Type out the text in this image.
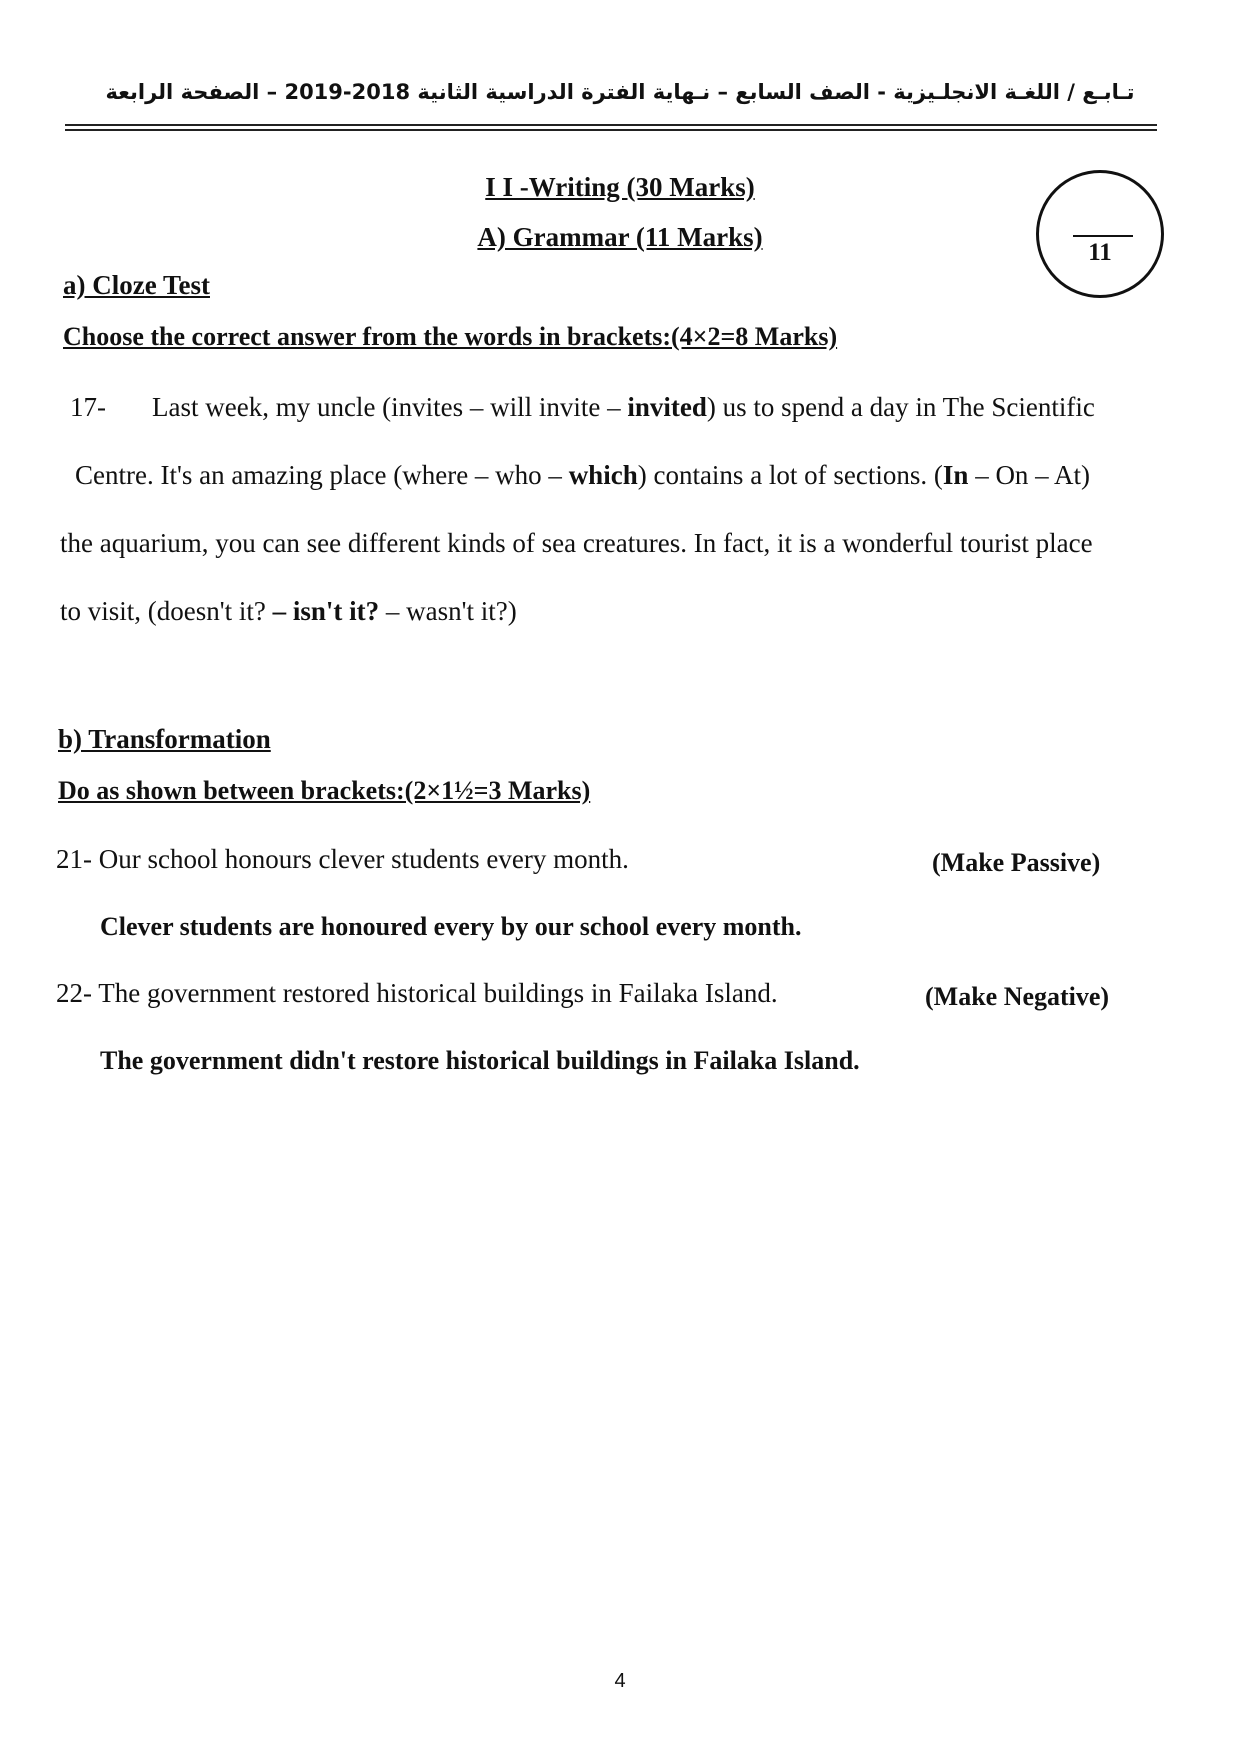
تـابـع / اللغـة الانجلـيزية - الصف السابع – نـهاية الفترة الدراسية الثانية 2018-2019 – الصفحة الرابعة
I I -Writing (30 Marks)
A) Grammar (11 Marks)
11
a) Cloze Test
Choose the correct answer from the words in brackets:(4×2=8 Marks)
17- Last week, my uncle (invites – will invite – invited) us to spend a day in The Scientific
Centre. It's an amazing place (where – who – which) contains a lot of sections. (In – On – At)
the aquarium, you can see different kinds of sea creatures. In fact, it is a wonderful tourist place
to visit, (doesn't it? – isn't it? – wasn't it?)
b) Transformation
Do as shown between brackets:(2×1½=3 Marks)
21- Our school honours clever students every month.	(Make Passive)
Clever students are honoured every by our school every month.
22- The government restored historical buildings in Failaka Island.	(Make Negative)
The government didn't restore historical buildings in Failaka Island.
4
